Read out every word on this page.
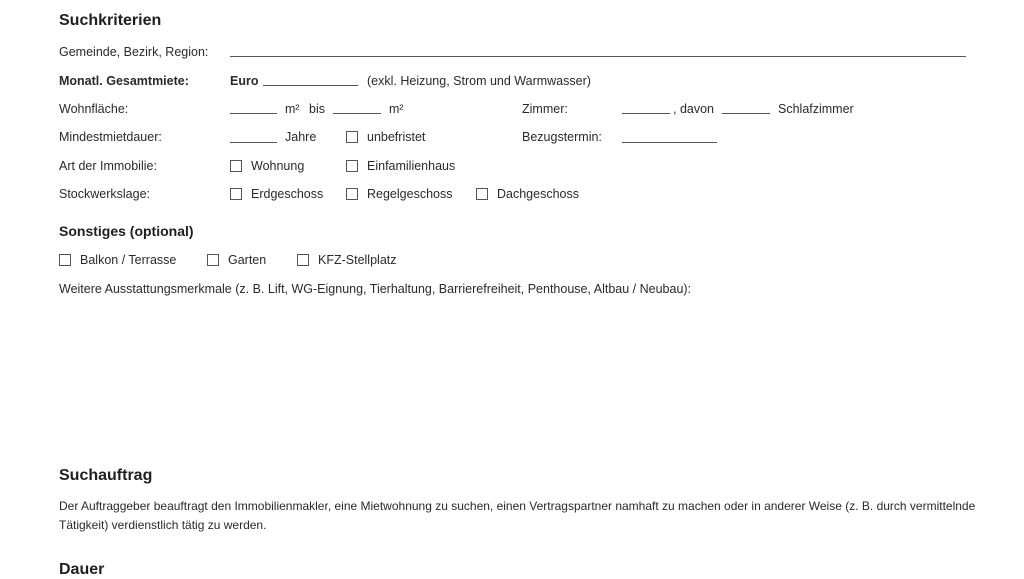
Suchkriterien
Gemeinde, Bezirk, Region:
Monatl. Gesamtmiete:	Euro	(exkl. Heizung, Strom und Warmwasser)
Wohnfläche:	m² bis	m²	Zimmer:	, davon	Schlafzimmer
Mindestmietdauer:	Jahre	unbefristet	Bezugstermin:
Art der Immobilie:	Wohnung	Einfamilienhaus
Stockwerkslage:	Erdgeschoss	Regelgeschoss	Dachgeschoss
Sonstiges (optional)
Balkon / Terrasse	Garten	KFZ-Stellplatz
Weitere Ausstattungsmerkmale (z. B. Lift, WG-Eignung, Tierhaltung, Barrierefreiheit, Penthouse, Altbau / Neubau):
Suchauftrag
Der Auftraggeber beauftragt den Immobilienmakler, eine Mietwohnung zu suchen, einen Vertragspartner namhaft zu machen oder in anderer Weise (z. B. durch vermittelnde Tätigkeit) verdienstlich tätig zu werden.
Dauer
